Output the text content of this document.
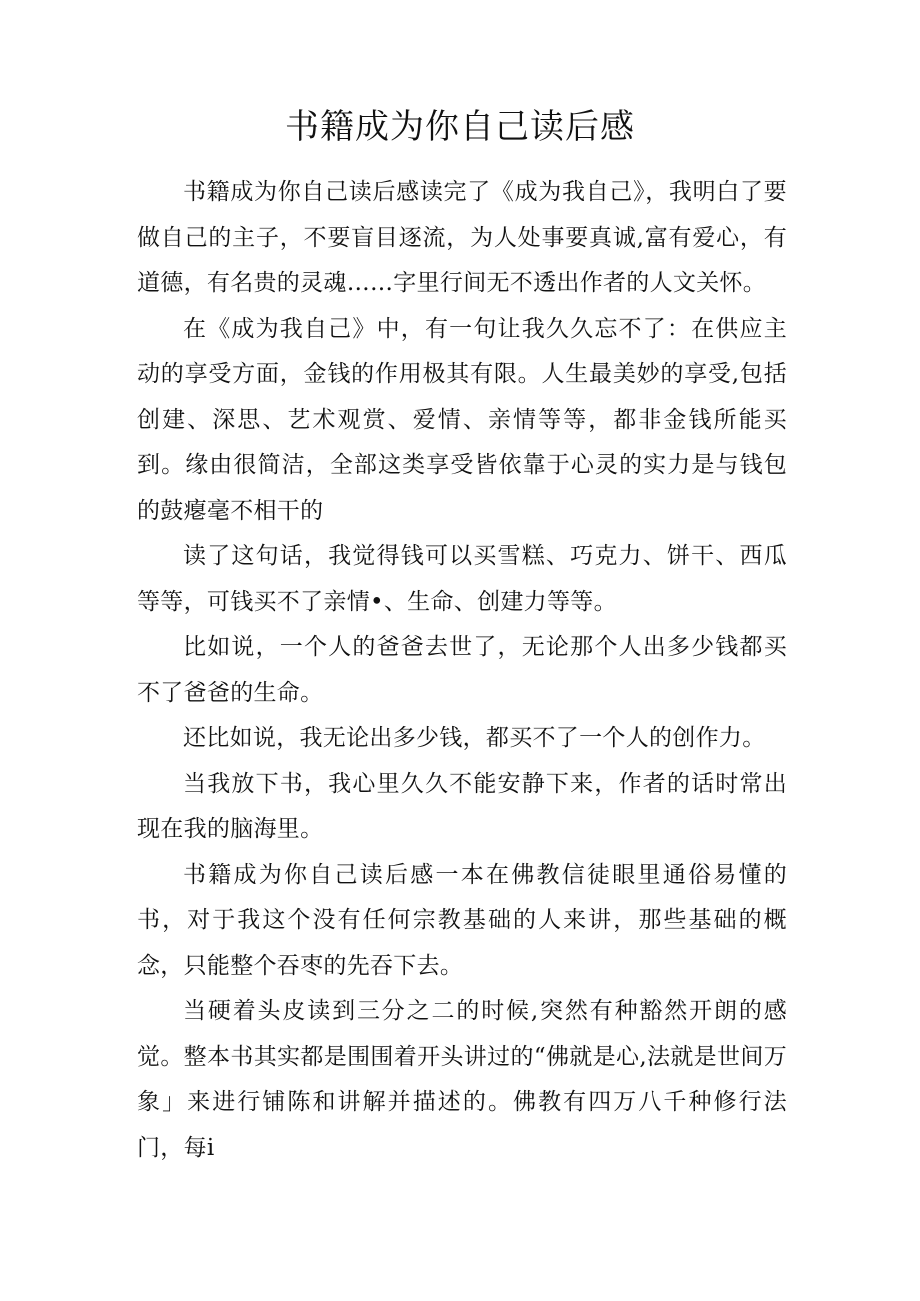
书籍成为你自己读后感

书籍成为你自己读后感读完了《成为我自己》，我明白了要做自己的主子，不要盲目逐流，为人处事要真诚,富有爱心，有道德，有名贵的灵魂……字里行间无不透出作者的人文关怀。

在《成为我自己》中，有一句让我久久忘不了：在供应主动的享受方面，金钱的作用极其有限。人生最美妙的享受,包括创建、深思、艺术观赏、爱情、亲情等等，都非金钱所能买到。缘由很简洁，全部这类享受皆依靠于心灵的实力是与钱包的鼓瘪毫不相干的

读了这句话，我觉得钱可以买雪糕、巧克力、饼干、西瓜等等，可钱买不了亲情•、生命、创建力等等。

比如说，一个人的爸爸去世了，无论那个人出多少钱都买不了爸爸的生命。

还比如说，我无论出多少钱，都买不了一个人的创作力。

当我放下书，我心里久久不能安静下来，作者的话时常出现在我的脑海里。

书籍成为你自己读后感一本在佛教信徒眼里通俗易懂的书，对于我这个没有任何宗教基础的人来讲，那些基础的概念，只能整个吞枣的先吞下去。

当硬着头皮读到三分之二的时候,突然有种豁然开朗的感觉。整本书其实都是围围着开头讲过的“佛就是心,法就是世间万象」来进行铺陈和讲解并描述的。佛教有四万八千种修行法门，每i
